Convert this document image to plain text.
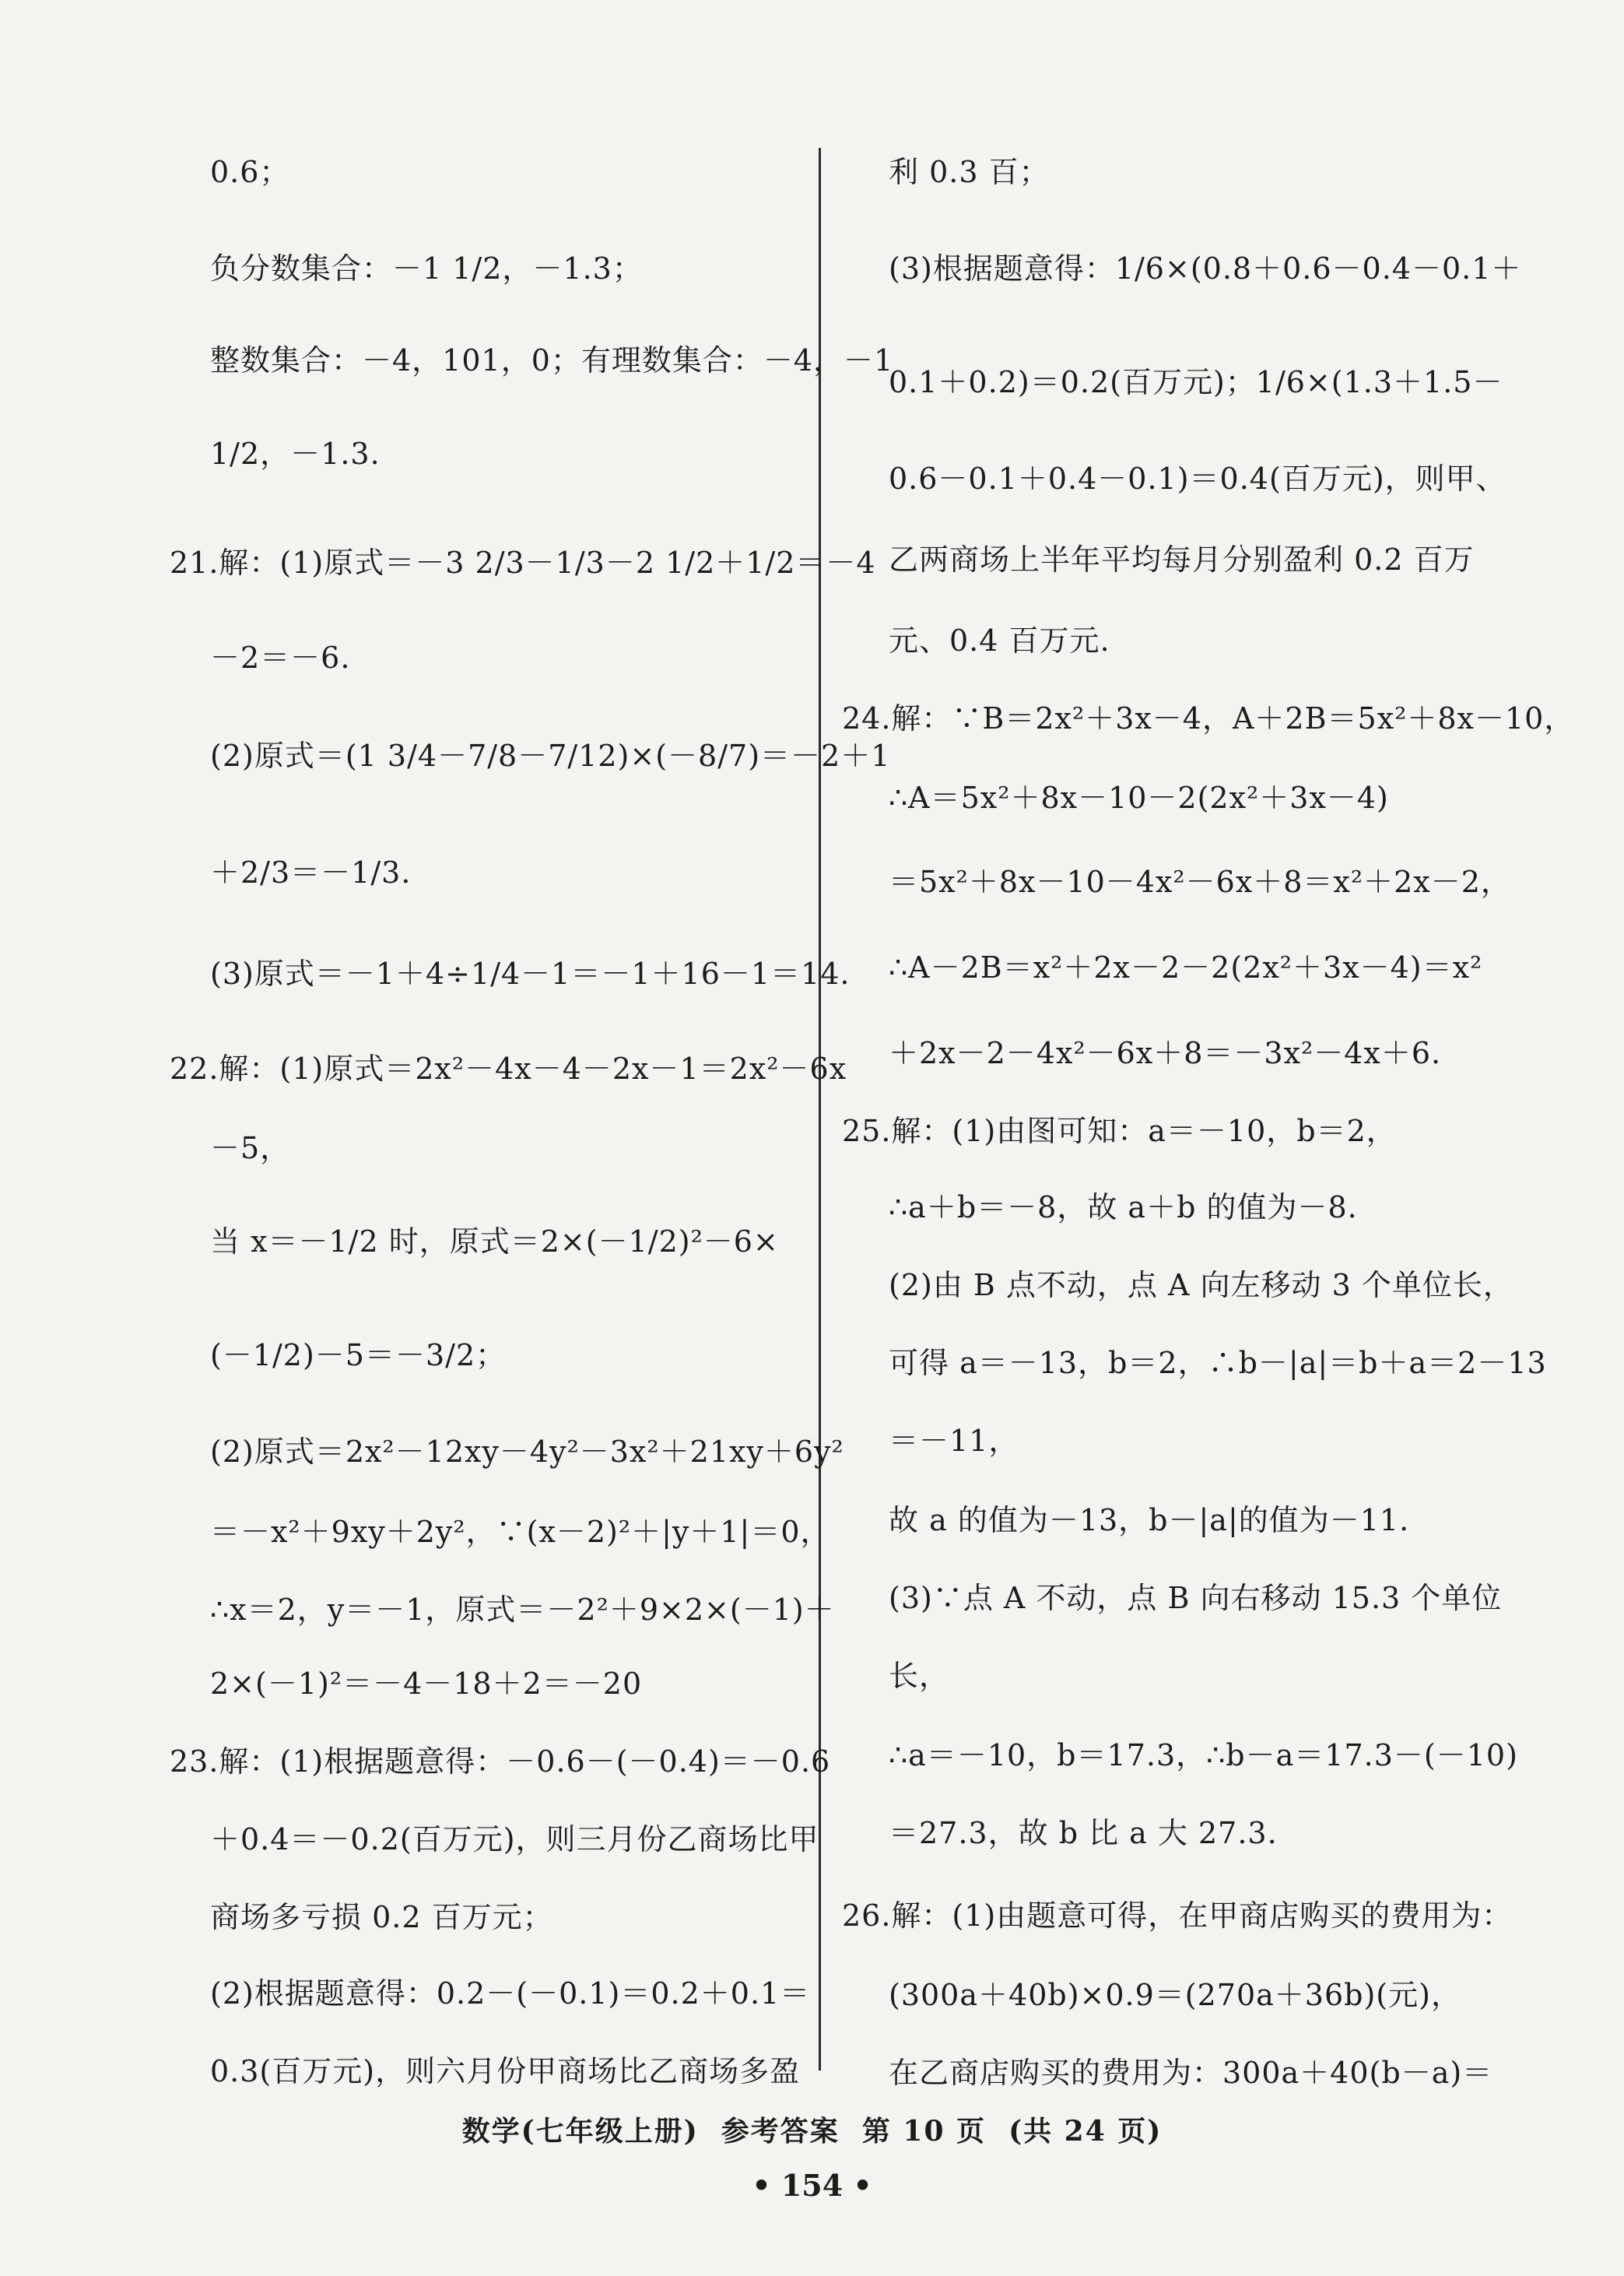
数学(七年级上册)  参考答案  第 10 页  (共 24 页)
• 154 •
0.6；
负分数集合：－1 1/2，－1.3；
整数集合：－4，101，0；有理数集合：－4，－1
1/2，－1.3.
21.解：(1)原式＝－3 2/3－1/3－2 1/2＋1/2＝－4
－2＝－6.
(2)原式＝(1 3/4－7/8－7/12)×(－8/7)＝－2＋1
＋2/3＝－1/3.
(3)原式＝－1＋4÷1/4－1＝－1＋16－1＝14.
22.解：(1)原式＝2x²－4x－4－2x－1＝2x²－6x
－5，
当 x＝－1/2 时，原式＝2×(－1/2)²－6×
(－1/2)－5＝－3/2；
(2)原式＝2x²－12xy－4y²－3x²＋21xy＋6y²
＝－x²＋9xy＋2y²，∵(x－2)²＋|y＋1|＝0，
∴x＝2，y＝－1，原式＝－2²＋9×2×(－1)＋
2×(－1)²＝－4－18＋2＝－20
23.解：(1)根据题意得：－0.6－(－0.4)＝－0.6
＋0.4＝－0.2(百万元)，则三月份乙商场比甲
商场多亏损 0.2 百万元；
(2)根据题意得：0.2－(－0.1)＝0.2＋0.1＝
0.3(百万元)，则六月份甲商场比乙商场多盈
利 0.3 百；
(3)根据题意得：1/6×(0.8＋0.6－0.4－0.1＋
0.1＋0.2)＝0.2(百万元)；1/6×(1.3＋1.5－
0.6－0.1＋0.4－0.1)＝0.4(百万元)，则甲、
乙两商场上半年平均每月分别盈利 0.2 百万
元、0.4 百万元.
24.解：∵B＝2x²＋3x－4，A＋2B＝5x²＋8x－10，
∴A＝5x²＋8x－10－2(2x²＋3x－4)
＝5x²＋8x－10－4x²－6x＋8＝x²＋2x－2，
∴A－2B＝x²＋2x－2－2(2x²＋3x－4)＝x²
＋2x－2－4x²－6x＋8＝－3x²－4x＋6.
25.解：(1)由图可知：a＝－10，b＝2，
∴a＋b＝－8，故 a＋b 的值为－8.
(2)由 B 点不动，点 A 向左移动 3 个单位长，
可得 a＝－13，b＝2，∴b－|a|＝b＋a＝2－13
＝－11，
故 a 的值为－13，b－|a|的值为－11.
(3)∵点 A 不动，点 B 向右移动 15.3 个单位
长，
∴a＝－10，b＝17.3，∴b－a＝17.3－(－10)
＝27.3，故 b 比 a 大 27.3.
26.解：(1)由题意可得，在甲商店购买的费用为：
(300a＋40b)×0.9＝(270a＋36b)(元)，
在乙商店购买的费用为：300a＋40(b－a)＝
